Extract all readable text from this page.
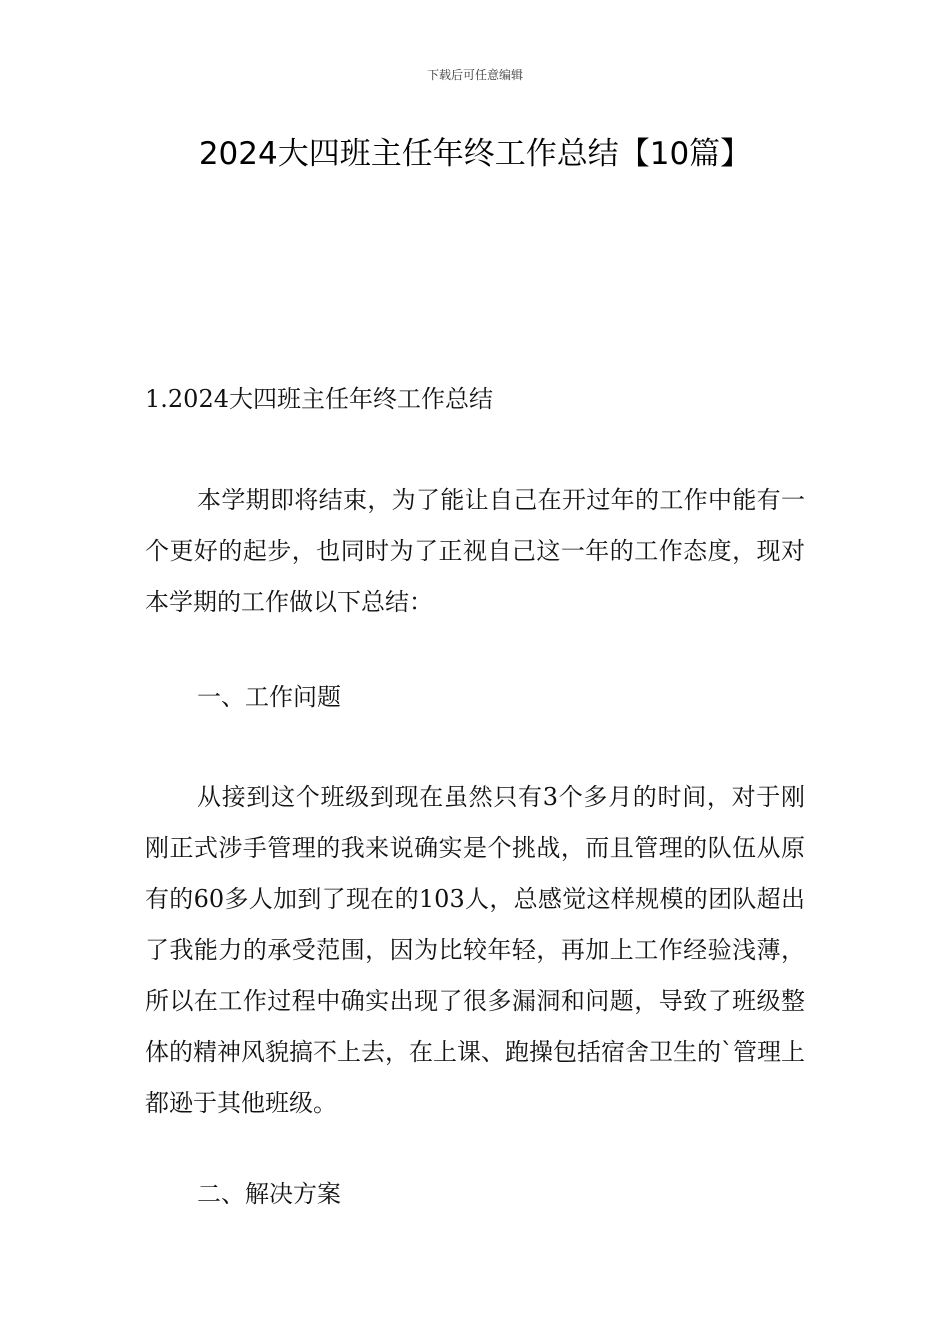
下载后可任意编辑
2024大四班主任年终工作总结【10篇】
1.2024大四班主任年终工作总结
本学期即将结束，为了能让自己在开过年的工作中能有一个更好的起步，也同时为了正视自己这一年的工作态度，现对本学期的工作做以下总结：
一、工作问题
从接到这个班级到现在虽然只有3个多月的时间，对于刚刚正式涉手管理的我来说确实是个挑战，而且管理的队伍从原有的60多人加到了现在的103人，总感觉这样规模的团队超出了我能力的承受范围，因为比较年轻，再加上工作经验浅薄，所以在工作过程中确实出现了很多漏洞和问题，导致了班级整体的精神风貌搞不上去，在上课、跑操包括宿舍卫生的`管理上都逊于其他班级。
二、解决方案
